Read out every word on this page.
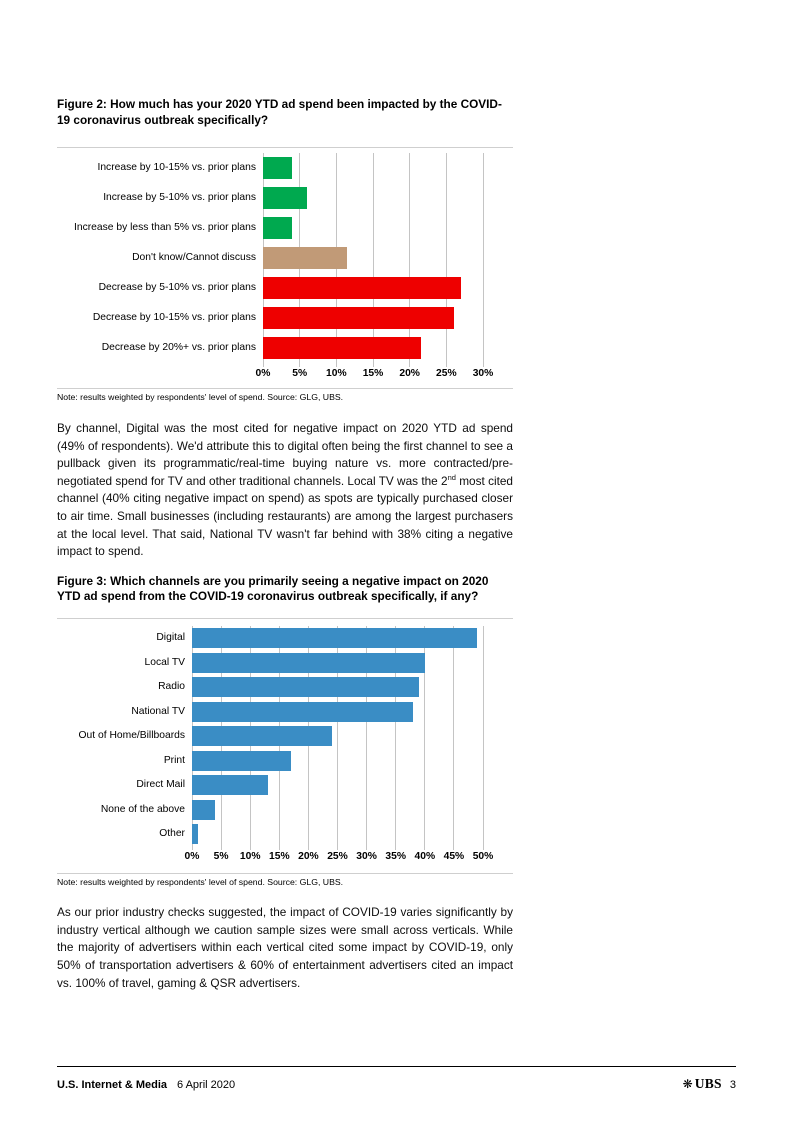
Figure 2: How much has your 2020 YTD ad spend been impacted by the COVID-19 coronavirus outbreak specifically?
Increase by 10-15% vs. prior plans
Increase by 5-10% vs. prior plans
Increase by less than 5% vs. prior plans
Don't know/Cannot discuss
Decrease by 5-10% vs. prior plans
Decrease by 10-15% vs. prior plans
Decrease by 20%+ vs. prior plans
0% 5% 10% 15% 20% 25% 30%
Note: results weighted by respondents' level of spend. Source: GLG, UBS.

By channel, Digital was the most cited for negative impact on 2020 YTD ad spend (49% of respondents). We'd attribute this to digital often being the first channel to see a pullback given its programmatic/real-time buying nature vs. more contracted/pre-negotiated spend for TV and other traditional channels. Local TV was the 2nd most cited channel (40% citing negative impact on spend) as spots are typically purchased closer to air time. Small businesses (including restaurants) are among the largest purchasers at the local level. That said, National TV wasn't far behind with 38% citing a negative impact to spend.

Figure 3: Which channels are you primarily seeing a negative impact on 2020 YTD ad spend from the COVID-19 coronavirus outbreak specifically, if any?
Digital
Local TV
Radio
National TV
Out of Home/Billboards
Print
Direct Mail
None of the above
Other
0% 5% 10% 15% 20% 25% 30% 35% 40% 45% 50%
Note: results weighted by respondents' level of spend. Source: GLG, UBS.

As our prior industry checks suggested, the impact of COVID-19 varies significantly by industry vertical although we caution sample sizes were small across verticals. While the majority of advertisers within each vertical cited some impact by COVID-19, only 50% of transportation advertisers & 60% of entertainment advertisers cited an impact vs. 100% of travel, gaming & QSR advertisers.

U.S. Internet & Media 6 April 2020	❋ UBS 3
